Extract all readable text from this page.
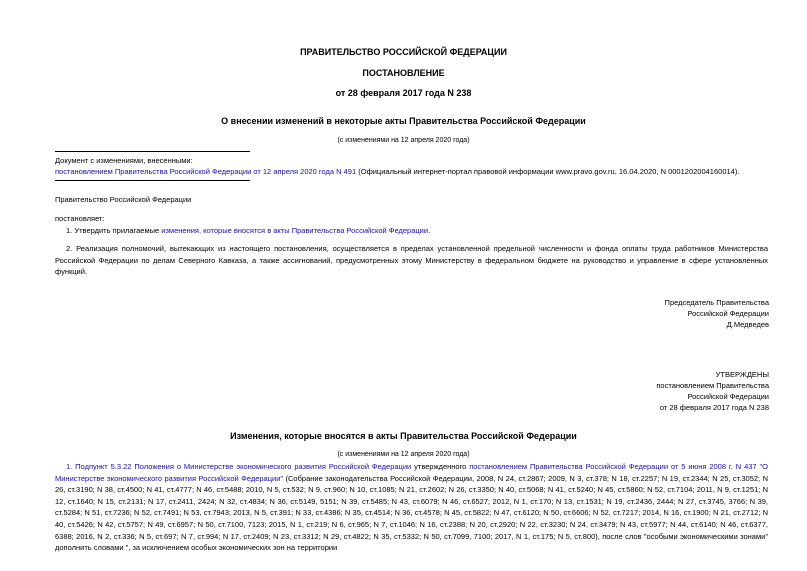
ПРАВИТЕЛЬСТВО РОССИЙСКОЙ ФЕДЕРАЦИИ
ПОСТАНОВЛЕНИЕ
от 28 февраля 2017 года N 238
О внесении изменений в некоторые акты Правительства Российской Федерации
(с изменениями на 12 апреля 2020 года)
Документ с изменениями, внесенными:
постановлением Правительства Российской Федерации от 12 апреля 2020 года N 491 (Официальный интернет-портал правовой информации www.pravo.gov.ru, 16.04.2020, N 0001202004160014).
Правительство Российской Федерации
постановляет:
1. Утвердить прилагаемые изменения, которые вносятся в акты Правительства Российской Федерации.
2. Реализация полномочий, вытекающих из настоящего постановления, осуществляется в пределах установленной предельной численности и фонда оплаты труда работников Министерства Российской Федерации по делам Северного Кавказа, а также ассигнований, предусмотренных этому Министерству в федеральном бюджете на руководство и управление в сфере установленных функций.
Председатель Правительства
Российской Федерации
Д.Медведев
УТВЕРЖДЕНЫ
постановлением Правительства
Российской Федерации
от 28 февраля 2017 года N 238
Изменения, которые вносятся в акты Правительства Российской Федерации
(с изменениями на 12 апреля 2020 года)
1. Подпункт 5.3.22 Положения о Министерстве экономического развития Российской Федерации утвержденного постановлением Правительства Российской Федерации от 5 июня 2008 г. N 437 "О Министерстве экономического развития Российской Федерации" (Собрание законодательства Российской Федерации, 2008, N 24, ст.2867; 2009, N 3, ст.378; N 18, ст.2257; N 19, ст.2344; N 25, ст.3052; N 26, ст.3190; N 38, ст.4500; N 41, ст.4777; N 46, ст.5488; 2010, N 5, ст.532; N 9, ст.960; N 10, ст.1085; N 21, ст.2602; N 26, ст.3350; N 40, ст.5068; N 41, ст.5240; N 45, ст.5860; N 52, ст.7104; 2011, N 9, ст.1251; N 12, ст.1640; N 15, ст.2131; N 17, ст.2411, 2424; N 32, ст.4834; N 36, ст.5149, 5151; N 39, ст.5485; N 43, ст.6079; N 46, ст.6527; 2012, N 1, ст.170; N 13, ст.1531; N 19, ст.2436, 2444; N 27, ст.3745, 3766; N 39, ст.5284; N 51, ст.7236; N 52, ст.7491; N 53, ст.7943; 2013, N 5, ст.391; N 33, ст.4386; N 35, ст.4514; N 36, ст.4578; N 45, ст.5822; N 47, ст.6120; N 50, ст.6606; N 52, ст.7217; 2014, N 16, ст.1900; N 21, ст.2712; N 40, ст.5426; N 42, ст.5757; N 49, ст.6957; N 50, ст.7100, 7123; 2015, N 1, ст.219; N 6, ст.965; N 7, ст.1046; N 16, ст.2388; N 20, ст.2920; N 22, ст.3230; N 24, ст.3479; N 43, ст.5977; N 44, ст.6140; N 46, ст.6377, 6388; 2016, N 2, ст.336; N 5, ст.697; N 7, ст.994; N 17, ст.2409; N 23, ст.3312; N 29, ст.4822; N 35, ст.5332; N 50, ст.7099, 7100; 2017, N 1, ст.175; N 5, ст.800), после слов "особыми экономическими зонами" дополнить словами ", за исключением особых экономических зон на территории
